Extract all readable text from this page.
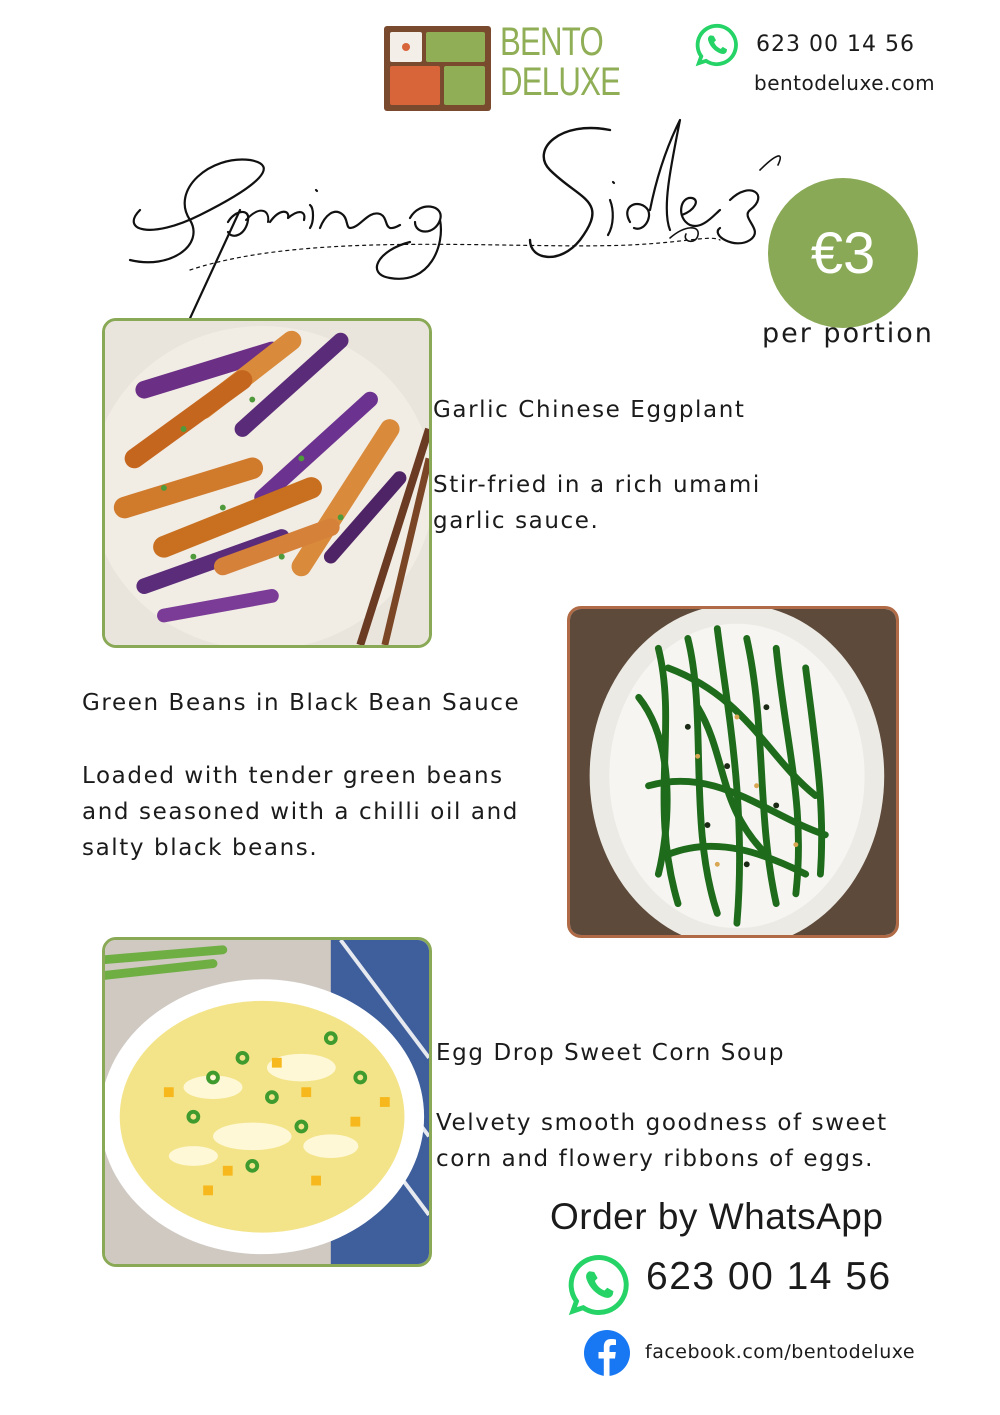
BENTO
DELUXE
623 00 14 56
bentodeluxe.com
€3
per portion
Garlic Chinese Eggplant
Stir-fried in a rich umami
garlic sauce.
Green Beans in Black Bean Sauce
Loaded with tender green beans
and seasoned with a chilli oil and
salty black beans.
Egg Drop Sweet Corn Soup
Velvety smooth goodness of sweet
corn and flowery ribbons of eggs.
Order by WhatsApp
623 00 14 56
facebook.com/bentodeluxe
